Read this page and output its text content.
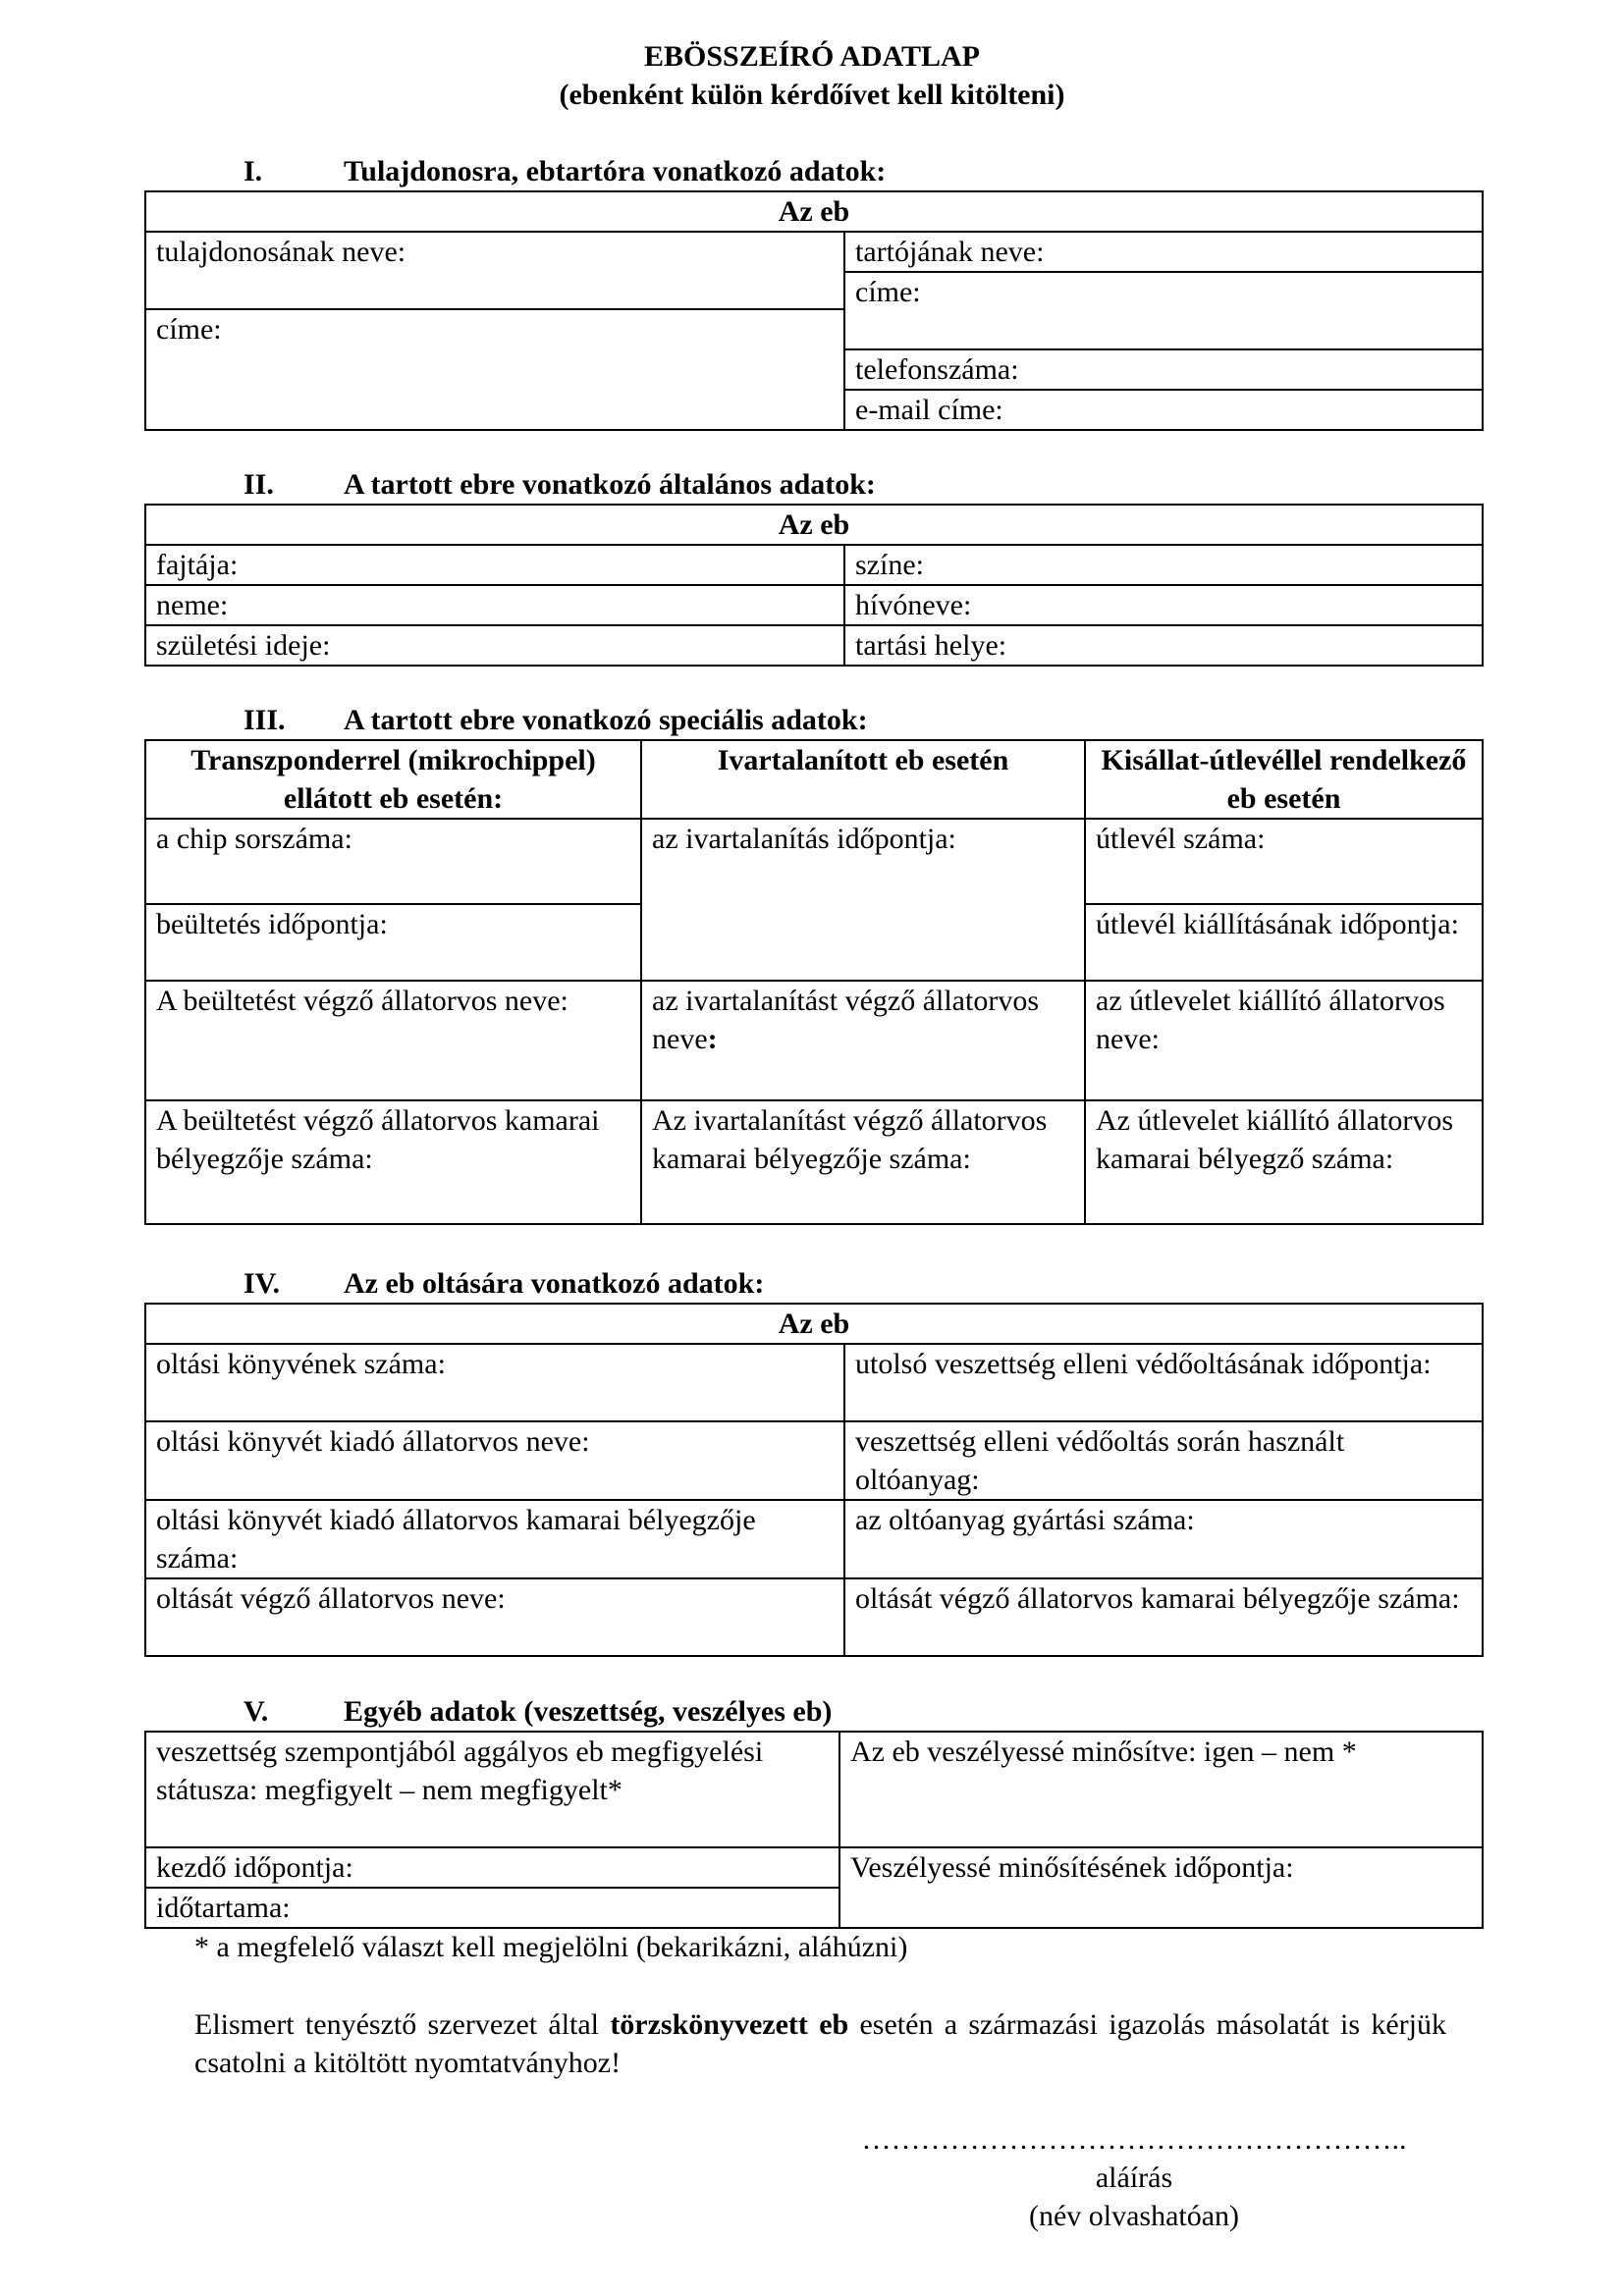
EBÖSSZEÍRÓ ADATLAP
(ebenként külön kérdőívet kell kitölteni)
I.	Tulajdonosra, ebtartóra vonatkozó adatok:
Az eb
tulajdonosának neve:	tartójának neve:
címe:
címe:
telefonszáma:
e-mail címe:
II. A tartott ebre vonatkozó általános adatok:
Az eb	
fajtája:	színe:
neme:	hívóneve:
születési ideje:	tartási helye:
III. A tartott ebre vonatkozó speciális adatok:
Transzponderrel (mikrochippel) ellátott eb esetén:	Ivartalanított eb esetén	Kisállat-útlevéllel rendelkező eb esetén
a chip sorszáma:	az ivartalanítás időpontja:	útlevél száma:
beültetés időpontja:		útlevél kiállításának időpontja:
A beültetést végző állatorvos neve:	az ivartalanítást végző állatorvos neve:	az útlevelet kiállító állatorvos neve:
A beültetést végző állatorvos kamarai bélyegzője száma:	Az ivartalanítást végző állatorvos kamarai bélyegzője száma:	Az útlevelet kiállító állatorvos kamarai bélyegző száma:
IV. Az eb oltására vonatkozó adatok:
Az eb	
oltási könyvének száma:	utolsó veszettség elleni védőoltásának időpontja:
oltási könyvét kiadó állatorvos neve:	veszettség elleni védőoltás során használt oltóanyag:
oltási könyvét kiadó állatorvos kamarai bélyegzője száma:	az oltóanyag gyártási száma:
oltását végző állatorvos neve:	oltását végző állatorvos kamarai bélyegzője száma:
V.	Egyéb adatok (veszettség, veszélyes eb)
veszettség szempontjából aggályos eb megfigyelési státusza: megfigyelt – nem megfigyelt*	Az eb veszélyessé minősítve: igen – nem *
kezdő időpontja:	Veszélyessé minősítésének időpontja:
időtartama:	
* a megfelelő választ kell megjelölni (bekarikázni, aláhúzni)
Elismert tenyésztő szervezet által törzskönyvezett eb esetén a származási igazolás másolatát is kérjük csatolni a kitöltött nyomtatványhoz!
………………………………………………..
aláírás
(név olvashatóan)
